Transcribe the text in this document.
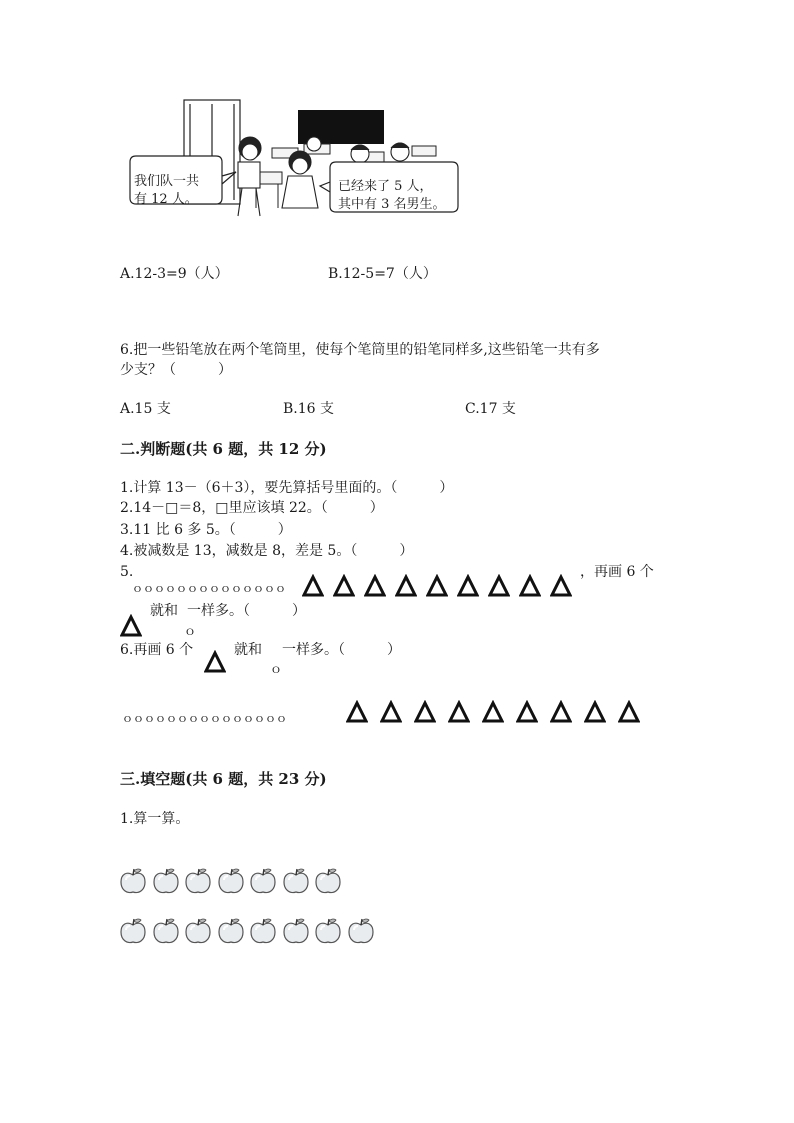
我们队一共
有 12 人。
已经来了 5 人，
其中有 3 名男生。
A.12-3=9（人）	B.12-5=7（人）
6.把一些铅笔放在两个笔筒里，使每个笔筒里的铅笔同样多,这些铅笔一共有多
少支？（　　　）
A.15 支	B.16 支	C.17 支
二.判断题(共 6 题，共 12 分)
1.计算 13－（6＋3），要先算括号里面的。（　　　）
2.14－□＝8，□里应该填 22。（　　　）
3.11 比 6 多 5。（　　　）
4.被减数是 13，减数是 8，差是 5。（　　　）
5.
ｏｏｏｏｏｏｏｏｏｏｏｏｏｏ
，再画 6 个
就和 一样多。（　　　）
ｏ
6.再画 6 个	就和
ｏ
一样多。（　　　）
ｏｏｏｏｏｏｏｏｏｏｏｏｏｏｏ
三.填空题(共 6 题，共 23 分)
1.算一算。
